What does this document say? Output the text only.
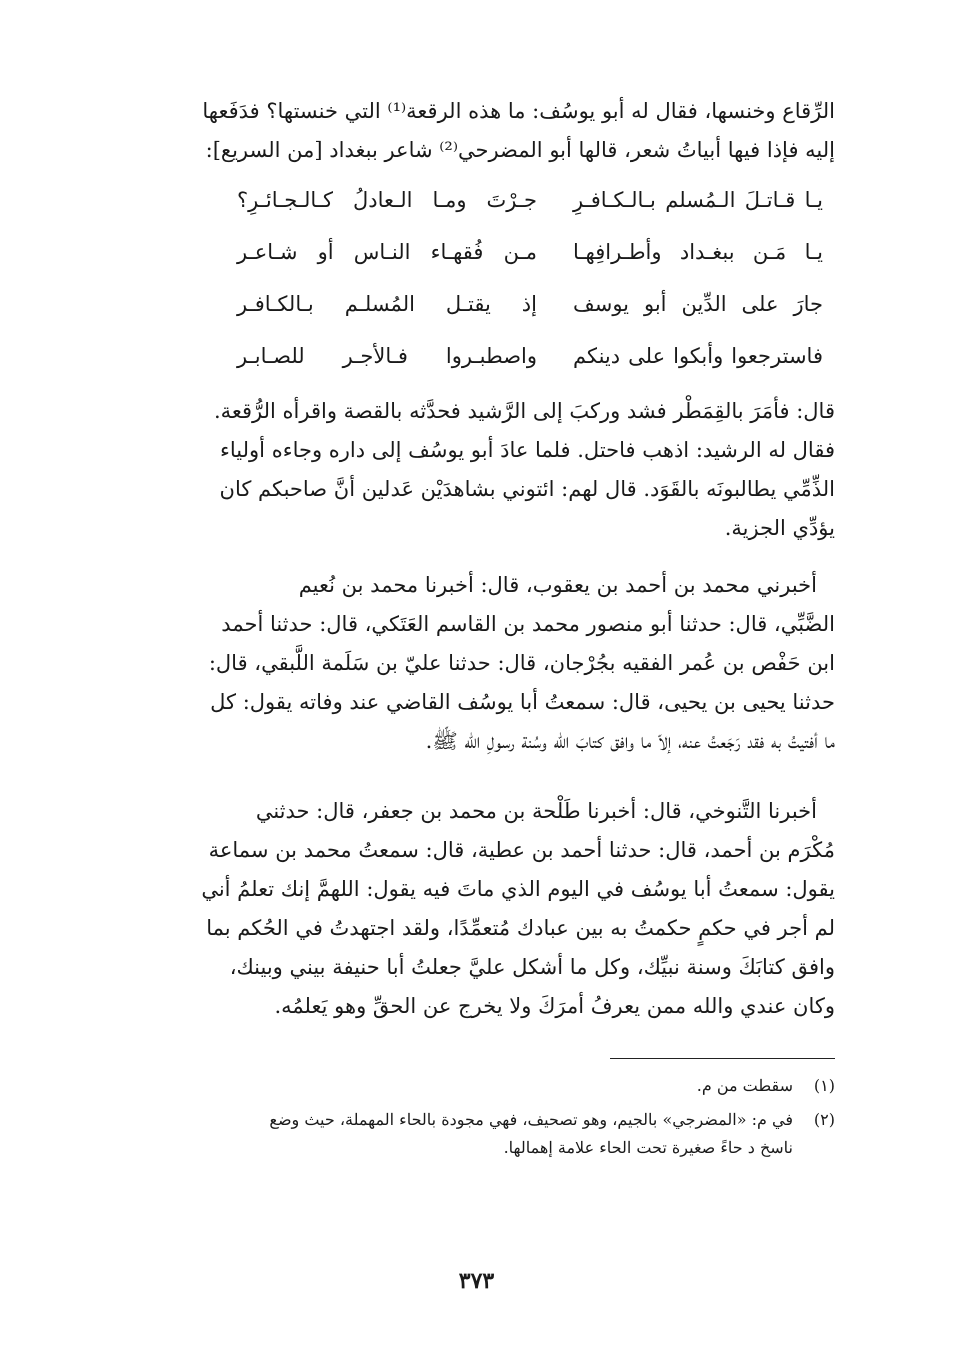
الرِّقاع وخنسها، فقال له أبو يوسُف: ما هذه الرقعة⁽¹⁾ التي خنستها؟ فدَفَعها
إليه فإذا فيها أبياتُ شعر، قالها أبو المضرحي⁽²⁾ شاعر ببغداد [من السريع]:
يـا قـاتـلَ الـمُسلم بـالـكـافـرِ
جـرْتَ ومـا الـعادلُ كـالـجـائـرِ؟
يـا مَـن ببغـداد وأطـرافِهـا
مـن فُقهـاء النـاس أو شـاعـر
جارَ على الدِّين أبو يوسف
إذ يقتـل المُسلـم بـالكـافـر
فاسترجعوا وأبكوا على دينكم
واصطبـروا فـالأجـر للصـابـر
قال: فأمَرَ بالقِمَطْر فشد وركبَ إلى الرَّشيد فحدَّثه بالقصة واقرأه الرُّقعة.
فقال له الرشيد: اذهب فاحتل. فلما عادَ أبو يوسُف إلى داره وجاءه أولياء
الذِّمِّي يطالبونَه بالقَوَد. قال لهم: ائتوني بشاهدَيْن عَدلين أنَّ صاحبكم كان
يؤدِّي الجزية.
أخبرني محمد بن أحمد بن يعقوب، قال: أخبرنا محمد بن نُعيم
الضَّبِّي، قال: حدثنا أبو منصور محمد بن القاسم العَتَكي، قال: حدثنا أحمد
ابن حَفْص بن عُمر الفقيه بجُرْجان، قال: حدثنا عليّ بن سَلَمة اللَّبقي، قال:
حدثنا يحيى بن يحيى، قال: سمعتُ أبا يوسُف القاضي عند وفاته يقول: كل
ما أفتيتُ به فقد رَجَعتُ عنه، إلاّ ما وافق كتابَ الله وسُنة رسولِ الله ﷺ.
أخبرنا التَّنوخي، قال: أخبرنا طَلْحة بن محمد بن جعفر، قال: حدثني
مُكْرَم بن أحمد، قال: حدثنا أحمد بن عطية، قال: سمعتُ محمد بن سماعة
يقول: سمعتُ أبا يوسُف في اليوم الذي ماتَ فيه يقول: اللهمَّ إنك تعلمُ أني
لم أجر في حكمٍ حكمتُ به بين عبادك مُتعمِّدًا، ولقد اجتهدتُ في الحُكم بما
وافق كتابَكَ وسنة نبيِّك، وكل ما أشكل عليَّ جعلتُ أبا حنيفة بيني وبينك،
وكان عندي والله ممن يعرفُ أمرَكَ ولا يخرج عن الحقِّ وهو يَعلمُه.
(١)
سقطت من م.
(٢)
في م: «المضرجي» بالجيم، وهو تصحيف، فهي مجودة بالحاء المهملة، حيث وضع
ناسخ د حاءً صغيرة تحت الحاء علامة إهمالها.
٣٧٣
